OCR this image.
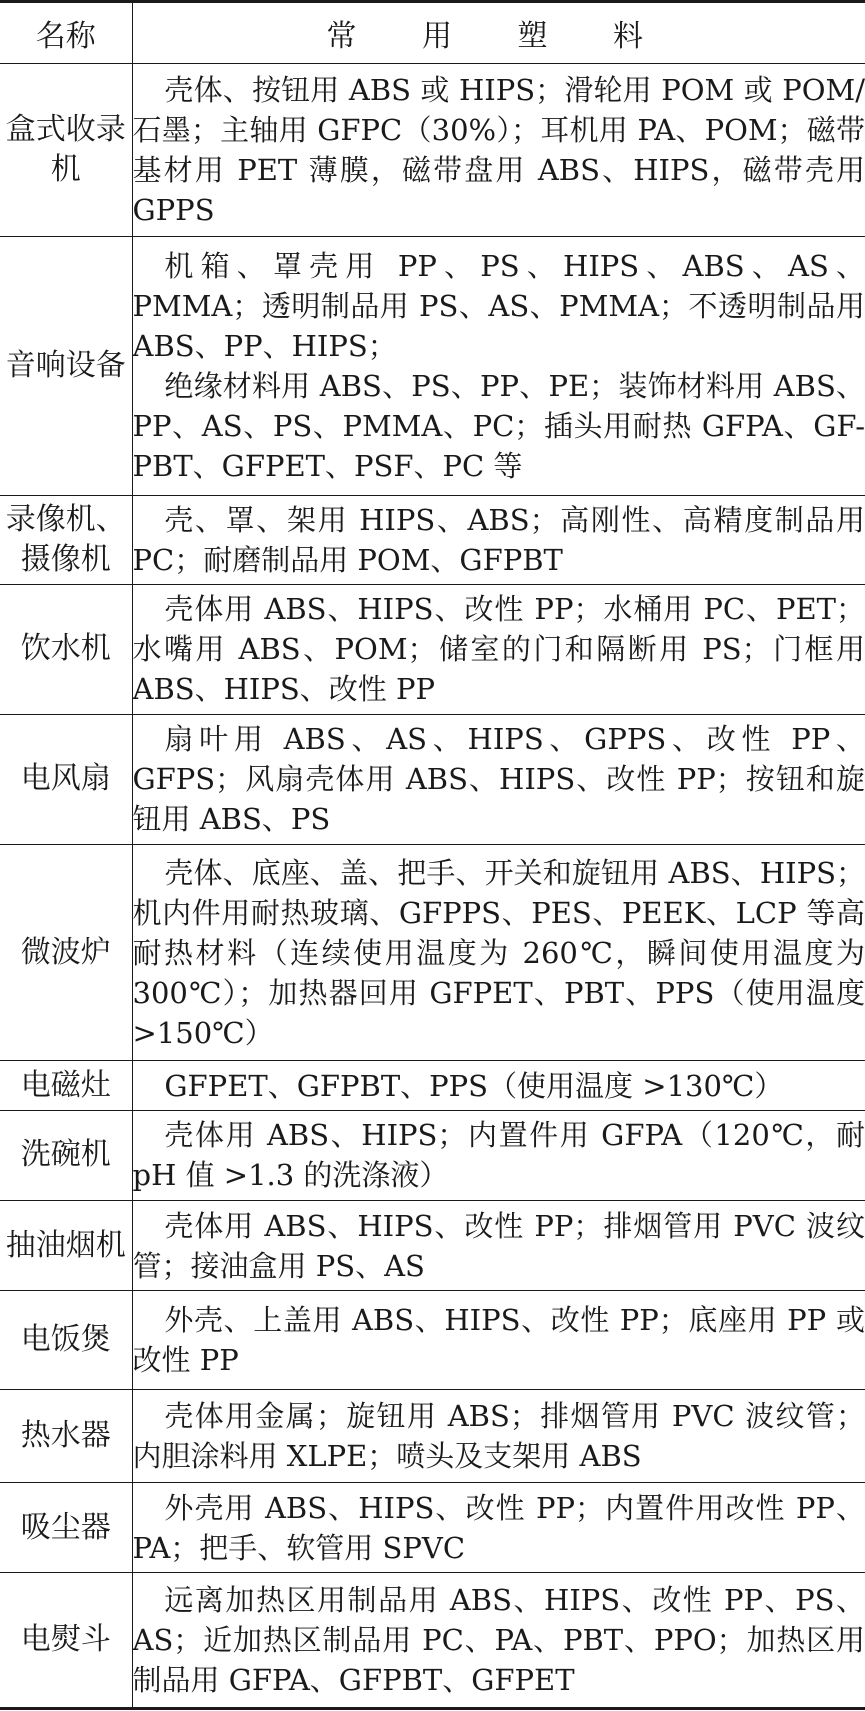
名称	常 用 塑 料
盒式收录机	壳体、按钮用 ABS 或 HIPS；滑轮用 POM 或 POM/石墨；主轴用 GFPC（30%）；耳机用 PA、POM；磁带基材用 PET 薄膜，磁带盘用 ABS、HIPS，磁带壳用 GPPS

音响设备	机箱、罩壳用 PP、PS、HIPS、ABS、AS、PMMA；透明制品用 PS、AS、PMMA；不透明制品用 ABS、PP、HIPS；
绝缘材料用 ABS、PS、PP、PE；装饰材料用 ABS、PP、AS、PS、PMMA、PC；插头用耐热 GFPA、GF-PBT、GFPET、PSF、PC 等

录像机、摄像机	壳、罩、架用 HIPS、ABS；高刚性、高精度制品用 PC；耐磨制品用 POM、GFPBT

饮水机	壳体用 ABS、HIPS、改性 PP；水桶用 PC、PET；水嘴用 ABS、POM；储室的门和隔断用 PS；门框用 ABS、HIPS、改性 PP

电风扇	扇叶用 ABS、AS、HIPS、GPPS、改性 PP、GFPS；风扇壳体用 ABS、HIPS、改性 PP；按钮和旋钮用 ABS、PS

微波炉	壳体、底座、盖、把手、开关和旋钮用 ABS、HIPS；机内件用耐热玻璃、GFPPS、PES、PEEK、LCP 等高耐热材料（连续使用温度为 260℃，瞬间使用温度为 300℃）；加热器回用 GFPET、PBT、PPS（使用温度 >150℃）

电磁灶	GFPET、GFPBT、PPS（使用温度 >130℃）

洗碗机	壳体用 ABS、HIPS；内置件用 GFPA（120℃，耐 pH 值 >1.3 的洗涤液）

抽油烟机	壳体用 ABS、HIPS、改性 PP；排烟管用 PVC 波纹管；接油盒用 PS、AS

电饭煲	外壳、上盖用 ABS、HIPS、改性 PP；底座用 PP 或改性 PP

热水器	壳体用金属；旋钮用 ABS；排烟管用 PVC 波纹管；内胆涂料用 XLPE；喷头及支架用 ABS

吸尘器	外壳用 ABS、HIPS、改性 PP；内置件用改性 PP、PA；把手、软管用 SPVC

电熨斗	远离加热区用制品用 ABS、HIPS、改性 PP、PS、AS；近加热区制品用 PC、PA、PBT、PPO；加热区用制品用 GFPA、GFPBT、GFPET
